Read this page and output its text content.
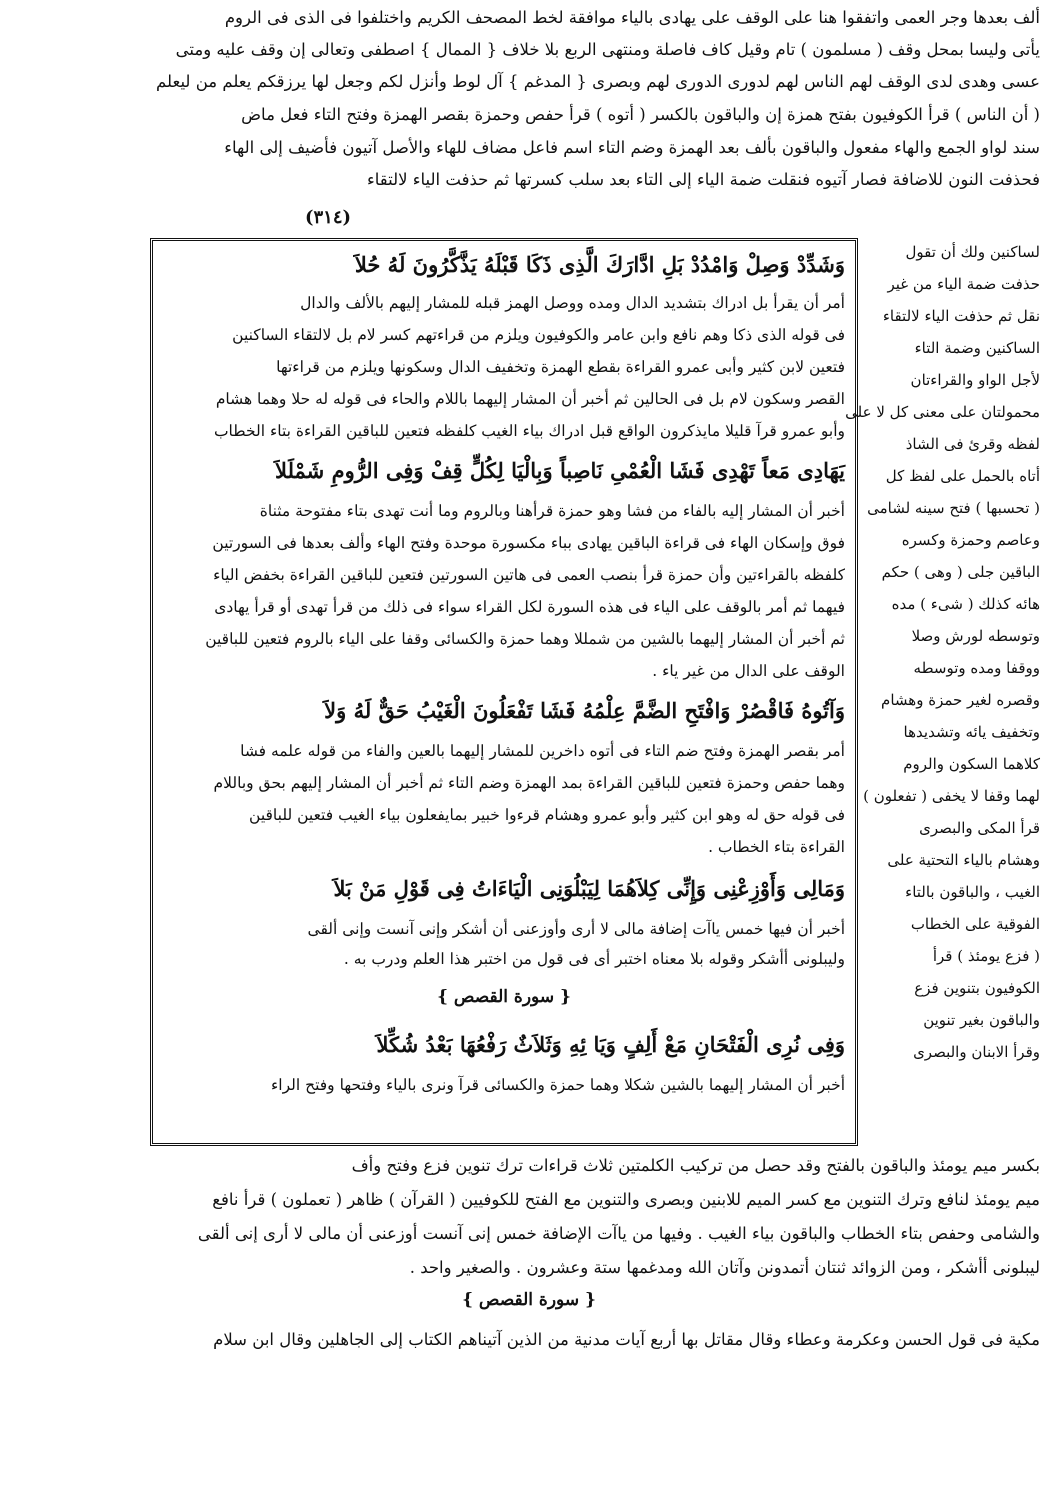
ألف بعدها وجر العمى واتفقوا هنا على الوقف على يهادى بالياء موافقة لخط المصحف الكريم واختلفوا فى الذى فى الروم
يأتى وليسا بمحل وقف ( مسلمون ) تام وقيل كاف فاصلة ومنتهى الربع بلا خلاف { الممال } اصطفى وتعالى إن وقف عليه ومتى
عسى وهدى لدى الوقف لهم الناس لهم لدورى الدورى لهم وبصرى { المدغم } آل لوط وأنزل لكم وجعل لها يرزقكم يعلم من ليعلم
( أن الناس ) قرأ الكوفيون بفتح همزة إن والباقون بالكسر ( أتوه ) قرأ حفص وحمزة بقصر الهمزة وفتح التاء فعل ماض
سند لواو الجمع والهاء مفعول والباقون بألف بعد الهمزة وضم التاء اسم فاعل مضاف للهاء والأصل آتيون فأضيف إلى الهاء
فحذفت النون للاضافة فصار آتيوه فنقلت ضمة الياء إلى التاء بعد سلب كسرتها ثم حذفت الياء لالتقاء
(٣١٤)
وَشَدِّدْ وَصِلْ وَامْدُدْ بَلِ ادَّارَكَ الَّذِى ذَكَا قَبْلَهُ يَذَّكَّرُونَ لَهُ حُلاَ
أمر أن يقرأ بل ادراك بتشديد الدال ومده ووصل الهمز قبله للمشار إليهم بالألف والدال
فى قوله الذى ذكا وهم نافع وابن عامر والكوفيون ويلزم من قراءتهم كسر لام بل لالتقاء الساكنين
فتعين لابن كثير وأبى عمرو القراءة بقطع الهمزة وتخفيف الدال وسكونها ويلزم من قراءتها
القصر وسكون لام بل فى الحالين ثم أخبر أن المشار إليهما باللام والحاء فى قوله له حلا وهما هشام
وأبو عمرو قرآ قليلا مايذكرون الواقع قبل ادراك بياء الغيب كلفظه فتعين للباقين القراءة بتاء الخطاب
يَهَادِى مَعاً تَهْدِى فَشَا الْعُمْىِ نَاصِباً وَبِالْيَا لِكُلٍّ قِفْ وَفِى الرُّومِ شَمْلَلاَ
أخبر أن المشار إليه بالفاء من فشا وهو حمزة قرأهنا وبالروم وما أنت تهدى بتاء مفتوحة مثناة
فوق وإسكان الهاء فى قراءة الباقين يهادى بباء مكسورة موحدة وفتح الهاء وألف بعدها فى السورتين
كلفظه بالقراءتين وأن حمزة قرأ بنصب العمى فى هاتين السورتين فتعين للباقين القراءة بخفض الياء
فيهما ثم أمر بالوقف على الياء فى هذه السورة لكل القراء سواء فى ذلك من قرأ تهدى أو قرأ يهادى
ثم أخبر أن المشار إليهما بالشين من شمللا وهما حمزة والكسائى وقفا على الياء بالروم فتعين للباقين
الوقف على الدال من غير ياء .
وَآتُوهُ فَاقْصُرْ وَافْتَحِ الضَّمَّ عِلْمُهُ فَشَا تَفْعَلُونَ الْغَيْبُ حَقٌّ لَهُ وَلاَ
أمر بقصر الهمزة وفتح ضم التاء فى أتوه داخرين للمشار إليهما بالعين والفاء من قوله علمه فشا
وهما حفص وحمزة فتعين للباقين القراءة بمد الهمزة وضم التاء ثم أخبر أن المشار إليهم بحق وباللام
فى قوله حق له وهو ابن كثير وأبو عمرو وهشام قرءوا خبير بمايفعلون بياء الغيب فتعين للباقين
القراءة بتاء الخطاب .
وَمَالِى وَأَوْزِعْنِى وَإِنِّى كِلاَهُمَا لِيَبْلُوَنِى الْيَاءَاتُ فِى قَوْلِ مَنْ بَلاَ
أخبر أن فيها خمس ياآت إضافة مالى لا أرى وأوزعنى أن أشكر وإنى آنست وإنى ألقى
وليبلونى أأشكر وقوله بلا معناه اختبر أى فى قول من اختبر هذا العلم ودرب به .
{ سورة القصص }
وَفِى نُرِى الْفَتْحَانِ مَعْ أَلِفٍ وَيَا ئِهِ وَثَلاَثٌ رَفْعُهَا بَعْدُ شُكِّلاَ
أخبر أن المشار إليهما بالشين شكلا وهما حمزة والكسائى قرآ ونرى بالياء وفتحها وفتح الراء
لساكنين ولك أن تقول
حذفت ضمة الياء من غير
نقل ثم حذفت الياء لالتقاء
الساكنين وضمة التاء
لأجل الواو والقراءتان
محمولتان على معنى كل لا على
لفظه وقرئ فى الشاذ
أتاه بالحمل على لفظ كل
( تحسبها ) فتح سينه لشامى
وعاصم وحمزة وكسره
الباقين جلى ( وهى ) حكم
هائه كذلك ( شىء ) مده
وتوسطه لورش وصلا
ووقفا ومده وتوسطه
وقصره لغير حمزة وهشام
وتخفيف يائه وتشديدها
كلاهما السكون والروم
لهما وقفا لا يخفى ( تفعلون )
قرأ المكى والبصرى
وهشام بالياء التحتية على
الغيب ، والباقون بالتاء
الفوقية على الخطاب
( فزع يومئذ ) قرأ
الكوفيون بتنوين فزع
والباقون بغير تنوين
وقرأ الابنان والبصرى
بكسر ميم يومئذ والباقون بالفتح وقد حصل من تركيب الكلمتين ثلاث قراءات ترك تنوين فزع وفتح وأف
ميم يومئذ لنافع وترك التنوين مع كسر الميم للابنين وبصرى والتنوين مع الفتح للكوفيين ( القرآن ) ظاهر ( تعملون ) قرأ نافع
والشامى وحفص بتاء الخطاب والباقون بياء الغيب . وفيها من ياآت الإضافة خمس إنى آنست أوزعنى أن مالى لا أرى إنى ألقى
ليبلونى أأشكر ، ومن الزوائد ثنتان أتمدونن وآتان الله ومدغمها ستة وعشرون . والصغير واحد .
{ سورة القصص }
مكية فى قول الحسن وعكرمة وعطاء وقال مقاتل بها أربع آيات مدنية من الذين آتيناهم الكتاب إلى الجاهلين وقال ابن سلام
